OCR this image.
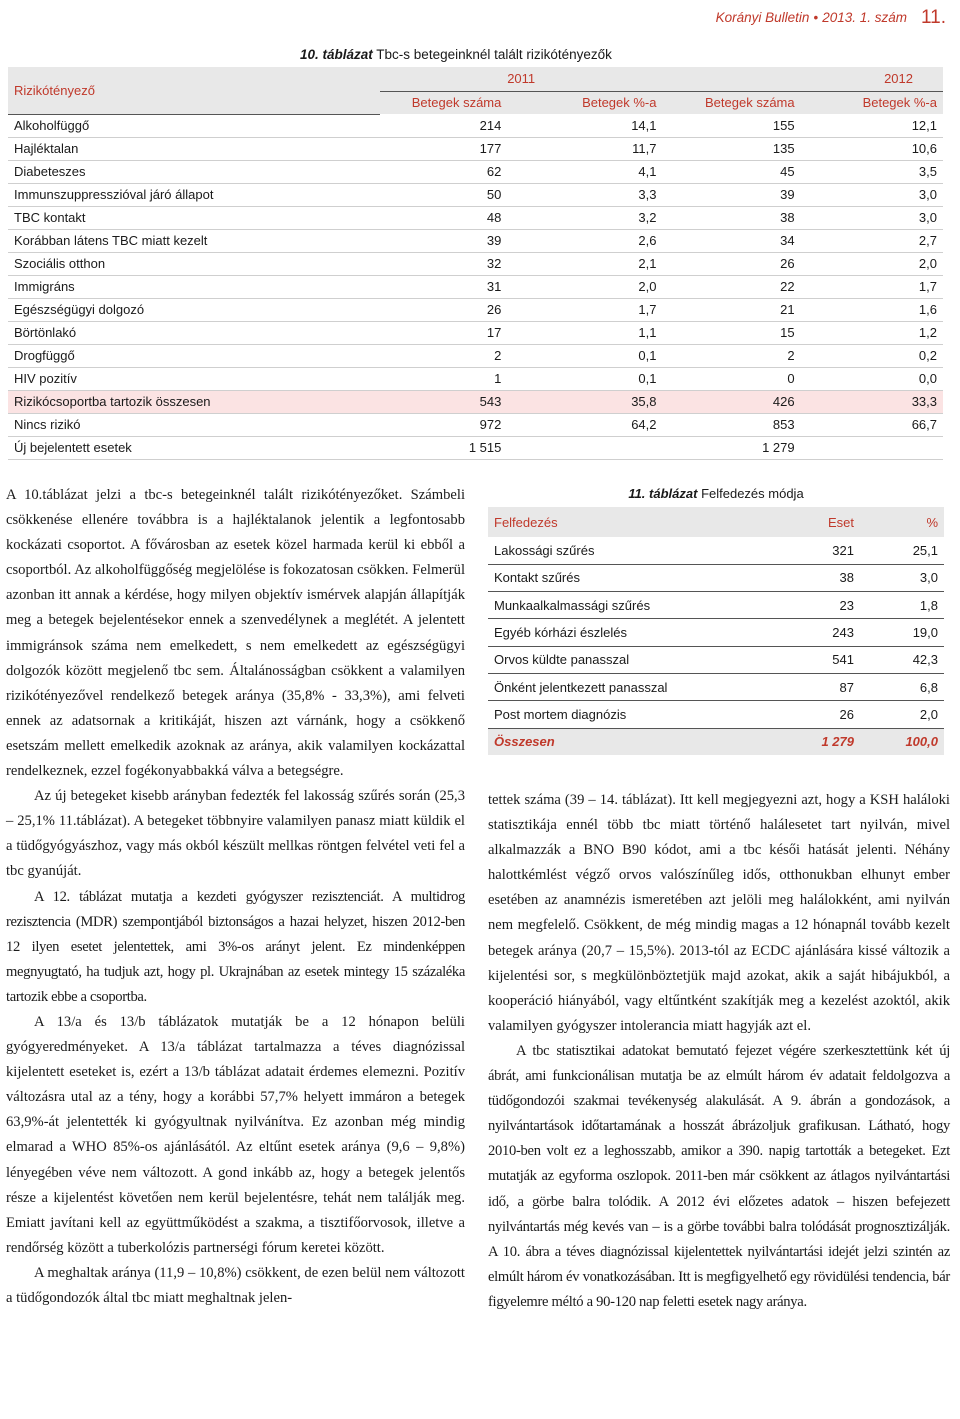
Korányi Bulletin • 2013. 1. szám 11.
10. táblázat Tbc-s betegeinknél talált rizikótényezők
Rizikótényező	2011		2012	
	Betegek száma	Betegek %-a	Betegek száma	Betegek %-a
Alkoholfüggő	214	14,1	155	12,1
Hajléktalan	177	11,7	135	10,6
Diabeteszes	62	4,1	45	3,5
Immunszuppresszióval járó állapot	50	3,3	39	3,0
TBC kontakt	48	3,2	38	3,0
Korábban látens TBC miatt kezelt	39	2,6	34	2,7
Szociális otthon	32	2,1	26	2,0
Immigráns	31	2,0	22	1,7
Egészségügyi dolgozó	26	1,7	21	1,6
Börtönlakó	17	1,1	15	1,2
Drogfüggő	2	0,1	2	0,2
HIV pozitív	1	0,1	0	0,0
Rizikócsoportba tartozik összesen	543	35,8	426	33,3
Nincs rizikó	972	64,2	853	66,7
Új bejelentett esetek	1 515		1 279	

A 10.táblázat jelzi a tbc-s betegeinknél talált rizikótényezőket. Számbeli csökkenése ellenére továbbra is a hajléktalanok jelentik a legfontosabb kockázati csoportot. A fővárosban az esetek közel harmada kerül ki ebből a csoportból. Az alkoholfüggőség megjelölése is fokozatosan csökken. Felmerül azonban itt annak a kérdése, hogy milyen objektív ismérvek alapján állapítják meg a betegek bejelentésekor ennek a szenvedélynek a meglétét. A jelentett immigránsok száma nem emelkedett, s nem emelkedett az egészségügyi dolgozók között megjelenő tbc sem. Általánosságban csökkent a valamilyen rizikótényezővel rendelkező betegek aránya (35,8% - 33,3%), ami felveti ennek az adatsornak a kritikáját, hiszen azt várnánk, hogy a csökkenő esetszám mellett emelkedik azoknak az aránya, akik valamilyen kockázattal rendelkeznek, ezzel fogékonyabbakká válva a betegségre.

Az új betegeket kisebb arányban fedezték fel lakosság szűrés során (25,3 – 25,1% 11.táblázat). A betegeket többnyire valamilyen panasz miatt küldik el a tüdőgyógyászhoz, vagy más okból készült mellkas röntgen felvétel veti fel a tbc gyanúját.

A 12. táblázat mutatja a kezdeti gyógyszer rezisztenciát. A multidrog rezisztencia (MDR) szempontjából biztonságos a hazai helyzet, hiszen 2012-ben 12 ilyen esetet jelentettek, ami 3%-os arányt jelent. Ez mindenképpen megnyugtató, ha tudjuk azt, hogy pl. Ukrajnában az esetek mintegy 15 százaléka tartozik ebbe a csoportba.

A 13/a és 13/b táblázatok mutatják be a 12 hónapon belüli gyógyeredményeket. A 13/a táblázat tartalmazza a téves diagnózissal kijelentett eseteket is, ezért a 13/b táblázat adatait érdemes elemezni. Pozitív változásra utal az a tény, hogy a korábbi 57,7% helyett immáron a betegek 63,9%-át jelentették ki gyógyultnak nyilvánítva. Ez azonban még mindig elmarad a WHO 85%-os ajánlásától. Az eltűnt esetek aránya (9,6 – 9,8%) lényegében véve nem változott. A gond inkább az, hogy a betegek jelentős része a kijelentést követően nem kerül bejelentésre, tehát nem találják meg. Emiatt javítani kell az együttműködést a szakma, a tisztifőorvosok, illetve a rendőrség között a tuberkolózis partnerségi fórum keretei között.

A meghaltak aránya (11,9 – 10,8%) csökkent, de ezen belül nem változott a tüdőgondozók által tbc miatt meghaltnak jelen-

11. táblázat Felfedezés módja
Felfedezés	Eset	%
Lakossági szűrés	321	25,1
Kontakt szűrés	38	3,0
Munkaalkalmassági szűrés	23	1,8
Egyéb kórházi észlelés	243	19,0
Orvos küldte panasszal	541	42,3
Önként jelentkezett panasszal	87	6,8
Post mortem diagnózis	26	2,0
Összesen	1 279	100,0

tettek száma (39 – 14. táblázat). Itt kell megjegyezni azt, hogy a KSH haláloki statisztikája ennél több tbc miatt történő halálesetet tart nyilván, mivel alkalmazzák a BNO B90 kódot, ami a tbc késői hatását jelenti. Néhány halottkémlést végző orvos valószínűleg idős, otthonukban elhunyt ember esetében az anamnézis ismeretében azt jelöli meg halálokként, ami nyilván nem megfelelő. Csökkent, de még mindig magas a 12 hónapnál tovább kezelt betegek aránya (20,7 – 15,5%). 2013-tól az ECDC ajánlására kissé változik a kijelentési sor, s megkülönböztetjük majd azokat, akik a saját hibájukból, a kooperáció hiányából, vagy eltűntként szakítják meg a kezelést azoktól, akik valamilyen gyógyszer intolerancia miatt hagyják azt el.

A tbc statisztikai adatokat bemutató fejezet végére szerkesztettünk két új ábrát, ami funkcionálisan mutatja be az elmúlt három év adatait feldolgozva a tüdőgondozói szakmai tevékenység alakulását. A 9. ábrán a gondozások, a nyilvántartások időtartamának a hosszát ábrázoljuk grafikusan. Látható, hogy 2010-ben volt ez a leghosszabb, amikor a 390. napig tartották a betegeket. Ezt mutatják az egyforma oszlopok. 2011-ben már csökkent az átlagos nyilvántartási idő, a görbe balra tolódik. A 2012 évi előzetes adatok – hiszen befejezett nyilvántartás még kevés van – is a görbe további balra tolódását prognosztizálják. A 10. ábra a téves diagnózissal kijelentettek nyilvántartási idejét jelzi szintén az elmúlt három év vonatkozásában. Itt is megfigyelhető egy rövidülési tendencia, bár figyelemre méltó a 90-120 nap feletti esetek nagy aránya.
